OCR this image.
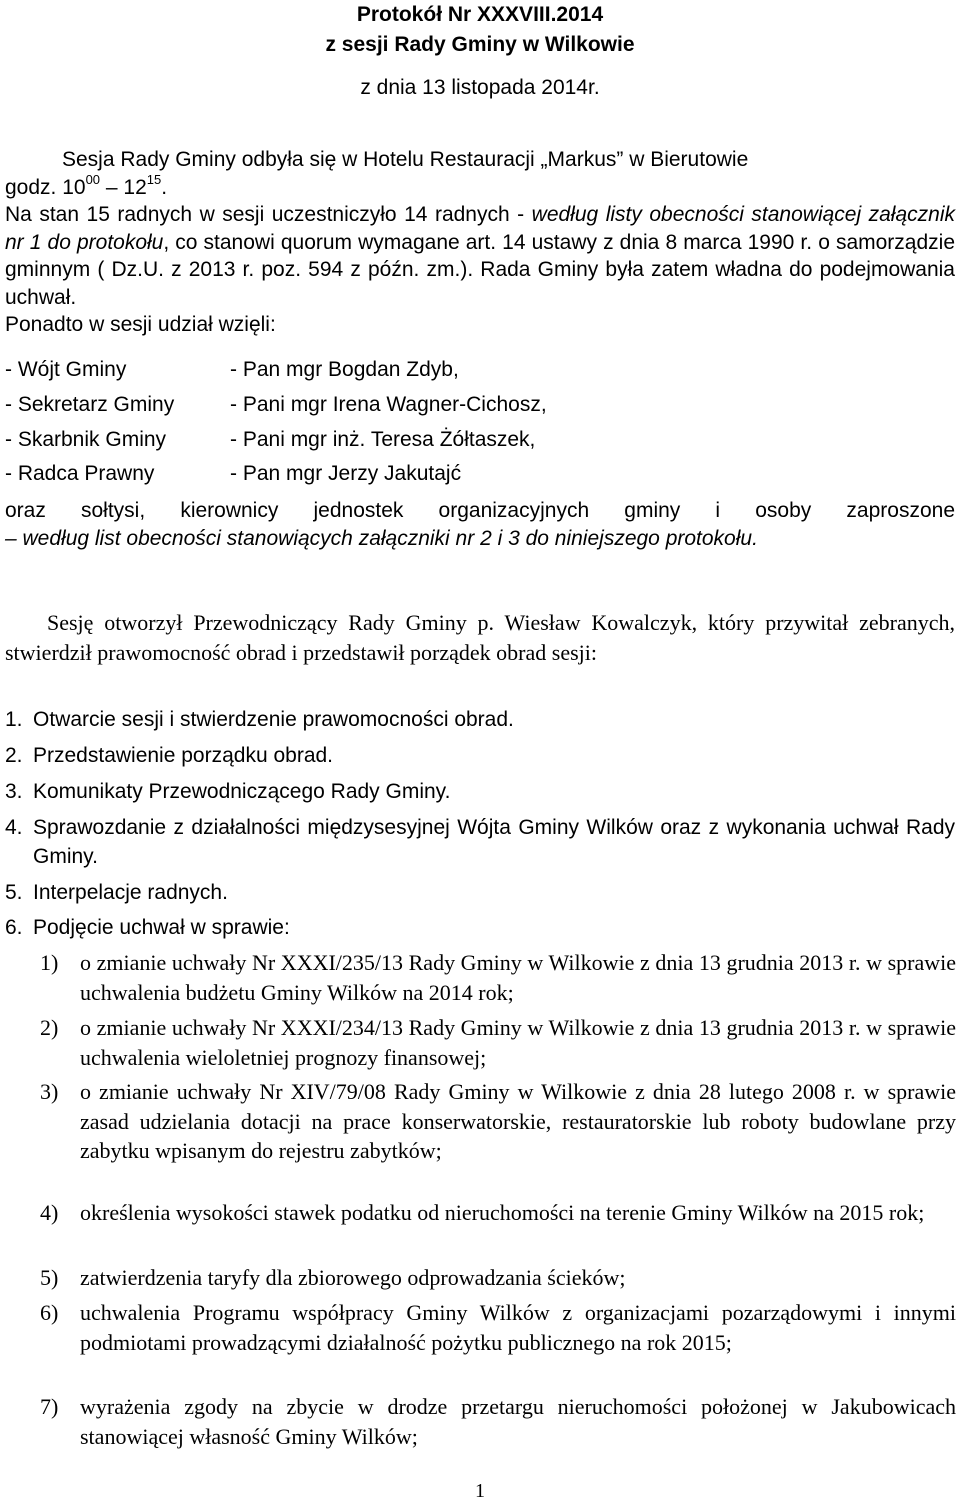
Protokół Nr XXXVIII.2014
z sesji Rady Gminy w Wilkowie
z dnia 13 listopada 2014r.
Sesja Rady Gminy odbyła się w Hotelu Restauracji „Markus” w Bierutowie
godz. $10^{00} - 12^{15}$.
Na stan 15 radnych w sesji uczestniczyło 14 radnych - według listy obecności stanowiącej załącznik nr 1 do protokołu, co stanowi quorum wymagane art. 14 ustawy z dnia 8 marca 1990 r. o samorządzie gminnym ( Dz.U. z 2013 r. poz. 594 z późn. zm.). Rada Gminy była zatem władna do podejmowania uchwał.
Ponadto w sesji udział wzięli:
- Wójt Gminy	- Pan mgr Bogdan Zdyb,
- Sekretarz Gminy	- Pani mgr Irena Wagner-Cichosz,
- Skarbnik Gminy	- Pani mgr inż. Teresa Żółtaszek,
- Radca Prawny	- Pan mgr Jerzy Jakutajć
oraz sołtysi, kierownicy jednostek organizacyjnych gminy i osoby zaproszone
– według list obecności stanowiących załączniki nr 2 i 3 do niniejszego protokołu.
Sesję otworzył Przewodniczący Rady Gminy p. Wiesław Kowalczyk, który przywitał zebranych, stwierdził prawomocność obrad i przedstawił porządek obrad sesji:
1. Otwarcie sesji i stwierdzenie prawomocności obrad.
2. Przedstawienie porządku obrad.
3. Komunikaty Przewodniczącego Rady Gminy.
4. Sprawozdanie z działalności międzysesyjnej Wójta Gminy Wilków oraz z wykonania uchwał Rady Gminy.
5. Interpelacje radnych.
6. Podjęcie uchwał w sprawie:
1) o zmianie uchwały Nr XXXI/235/13 Rady Gminy w Wilkowie z dnia 13 grudnia 2013 r. w sprawie uchwalenia budżetu Gminy Wilków na 2014 rok;
2) o zmianie uchwały Nr XXXI/234/13 Rady Gminy w Wilkowie z dnia 13 grudnia 2013 r. w sprawie uchwalenia wieloletniej prognozy finansowej;
3) o zmianie uchwały Nr XIV/79/08 Rady Gminy w Wilkowie z dnia 28 lutego 2008 r. w sprawie zasad udzielania dotacji na prace konserwatorskie, restauratorskie lub roboty budowlane przy zabytku wpisanym do rejestru zabytków;
4) określenia wysokości stawek podatku od nieruchomości na terenie Gminy Wilków na 2015 rok;
5) zatwierdzenia taryfy dla zbiorowego odprowadzania ścieków;
6) uchwalenia Programu współpracy Gminy Wilków z organizacjami pozarządowymi i innymi podmiotami prowadzącymi działalność pożytku publicznego na rok 2015;
7) wyrażenia zgody na zbycie w drodze przetargu nieruchomości położonej w Jakubowicach stanowiącej własność Gminy Wilków;
1
